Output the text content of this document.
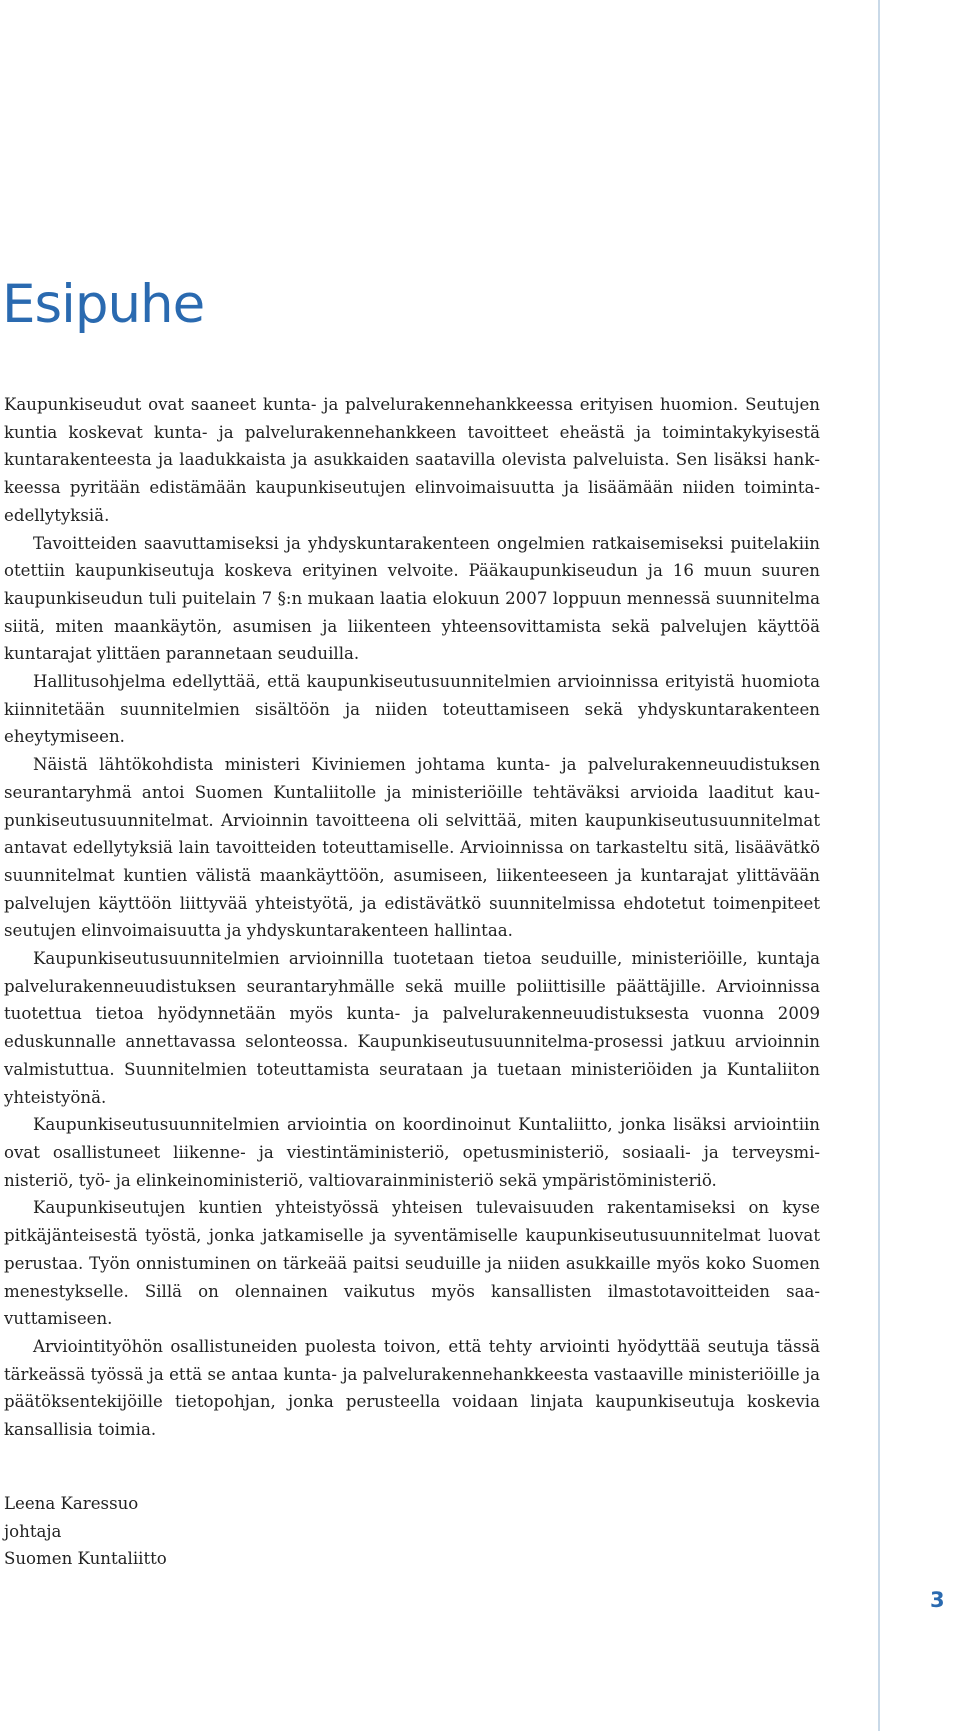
Esipuhe

Kaupunkiseudut ovat saaneet kunta- ja palvelurakennehankkeessa erityisen huomion. Seutujen kuntia koskevat kunta- ja palvelurakennehankkeen tavoitteet eheästä ja toimintakykyisestä kuntarakenteesta ja laadukkaista ja asukkaiden saatavilla olevista palveluista. Sen lisäksi hankkeessa pyritään edistämään kaupunkiseutujen elinvoimaisuutta ja lisäämään niiden toimintaedellytyksiä.

Tavoitteiden saavuttamiseksi ja yhdyskuntarakenteen ongelmien ratkaisemiseksi puitelakiin otettiin kaupunkiseutuja koskeva erityinen velvoite. Pääkaupunkiseudun ja 16 muun suuren kaupunkiseudun tuli puitelain 7 §:n mukaan laatia elokuun 2007 loppuun mennessä suunnitelma siitä, miten maankäytön, asumisen ja liikenteen yhteensovittamista sekä palvelujen käyttöä kuntarajat ylittäen parannetaan seuduilla.

Hallitusohjelma edellyttää, että kaupunkiseutusuunnitelmien arvioinnissa erityistä huomiota kiinnitetään suunnitelmien sisältöön ja niiden toteuttamiseen sekä yhdyskuntarakenteen eheytymiseen.

Näistä lähtökohdista ministeri Kiviniemen johtama kunta- ja palvelurakenneuudistuksen seurantaryhmä antoi Suomen Kuntaliitolle ja ministeriöille tehtäväksi arvioida laaditut kaupunkiseutusuunnitelmat. Arvioinnin tavoitteena oli selvittää, miten kaupunkiseutusuunnitelmat antavat edellytyksiä lain tavoitteiden toteuttamiselle. Arvioinnissa on tarkasteltu sitä, lisäävätkö suunnitelmat kuntien välistä maankäyttöön, asumiseen, liikenteeseen ja kuntarajat ylittävään palvelujen käyttöön liittyvää yhteistyötä, ja edistävätkö suunnitelmissa ehdotetut toimenpiteet seutujen elinvoimaisuutta ja yhdyskuntarakenteen hallintaa.

Kaupunkiseutusuunnitelmien arvioinnilla tuotetaan tietoa seuduille, ministeriöille, kuntaja palvelurakenneuudistuksen seurantaryhmälle sekä muille poliittisille päättäjille. Arvioinnissa tuotettua tietoa hyödynnetään myös kunta- ja palvelurakenneuudistuksesta vuonna 2009 eduskunnalle annettavassa selonteossa. Kaupunkiseutusuunnitelma-prosessi jatkuu arvioinnin valmistuttua. Suunnitelmien toteuttamista seurataan ja tuetaan ministeriöiden ja Kuntaliiton yhteistyönä.

Kaupunkiseutusuunnitelmien arviointia on koordinoinut Kuntaliitto, jonka lisäksi arviointiin ovat osallistuneet liikenne- ja viestintäministeriö, opetusministeriö, sosiaali- ja terveysministeriö, työ- ja elinkeinoministeriö, valtiovarainministeriö sekä ympäristöministeriö.

Kaupunkiseutujen kuntien yhteistyössä yhteisen tulevaisuuden rakentamiseksi on kyse pitkäjänteisestä työstä, jonka jatkamiselle ja syventämiselle kaupunkiseutusuunnitelmat luovat perustaa. Työn onnistuminen on tärkeää paitsi seuduille ja niiden asukkaille myös koko Suomen menestykselle. Sillä on olennainen vaikutus myös kansallisten ilmastotavoitteiden saavuttamiseen.

Arviointityöhön osallistuneiden puolesta toivon, että tehty arviointi hyödyttää seutuja tässä tärkeässä työssä ja että se antaa kunta- ja palvelurakennehankkeesta vastaaville ministeriöille ja päätöksentekijöille tietopohjan, jonka perusteella voidaan linjata kaupunkiseutuja koskevia kansallisia toimia.

Leena Karessuo
johtaja
Suomen Kuntaliitto
3
